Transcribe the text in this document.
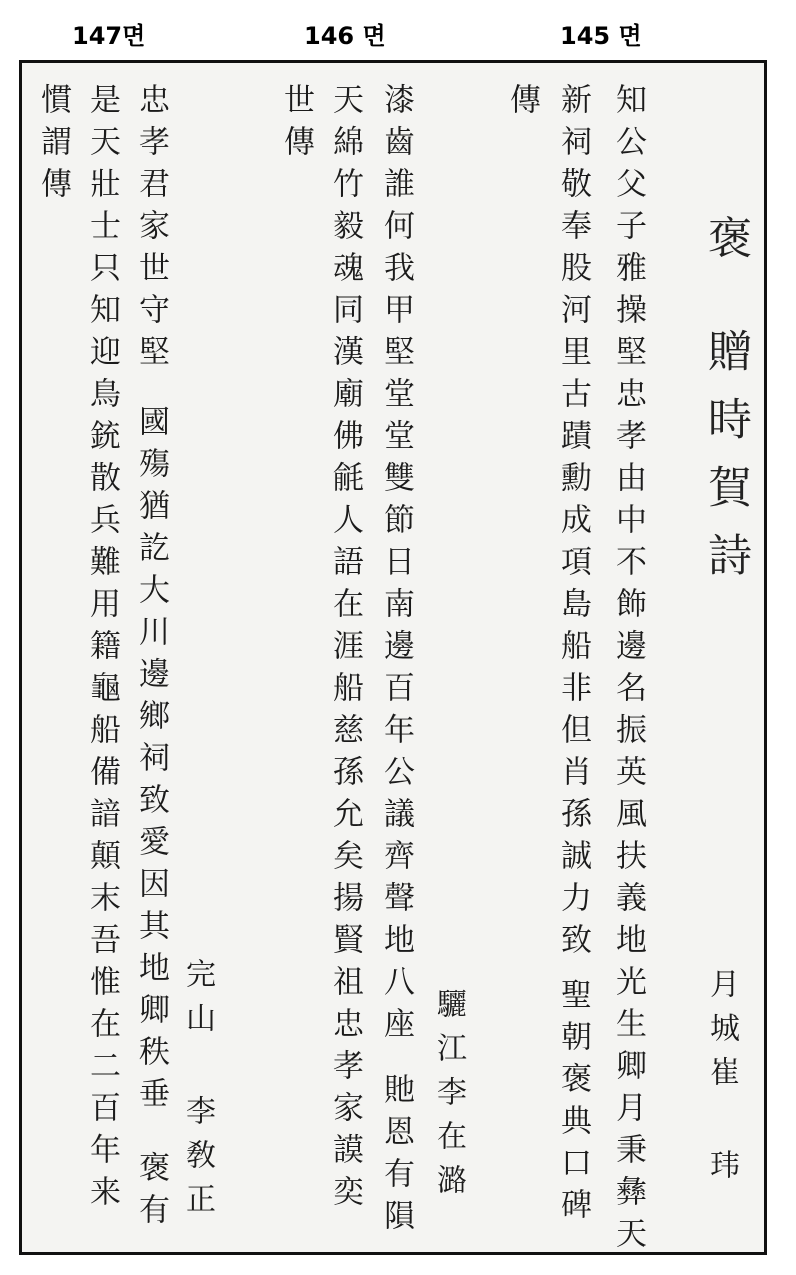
147면	146 면	145 면
褒
贈時賀詩
月城崔 玮
知公父子雅操堅忠孝由中不飾邊名振英風扶義地光生卿月秉彝天
新祠敬奉股河里古蹟勳成項島船非但肖孫誠力致
聖朝褒典口碑
傳
驪江李在潞
漆齒誰何我甲堅堂堂雙節日南邊百年公議齊聲地八座
貤恩有隕
天綿竹毅魂同漢廟佛毹人語在涯船慈孫允矣揚賢祖忠孝家謨奕
世傳
完山 李敎正
忠孝君家世守堅
國殤猶訖大川邊鄉祠致愛因其地卿秩垂
褒有
是天壯士只知迎鳥銃散兵難用籍龜船備諳顛末吾惟在二百年来
慣謂傳
